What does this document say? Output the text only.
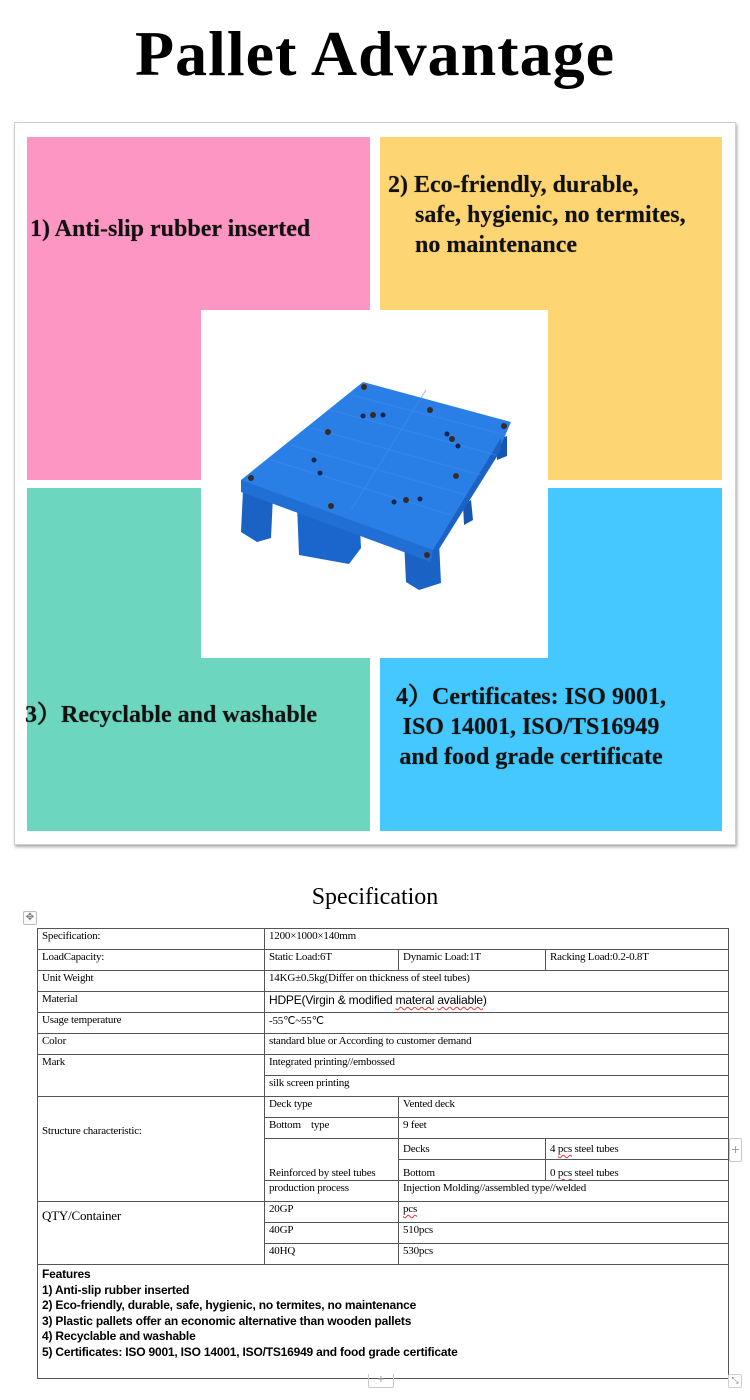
Pallet Advantage
1) Anti-slip rubber inserted
2) Eco-friendly, durable,
safe, hygienic, no termites,
no maintenance
3）Recyclable and washable
4）Certificates: ISO 9001,
ISO 14001, ISO/TS16949
and food grade certificate
Specification
✥
Specification:	1200×1000×140mm		
LoadCapacity:	Static Load:6T	Dynamic Load:1T	Racking Load:0.2-0.8T
Unit Weight	14KG±0.5kg(Differ on thickness of steel tubes)		
Material	HDPE(Virgin & modified materal avaliable)		
Usage temperature	-55℃~55℃		
Color	standard blue or According to customer demand		
Mark	Integrated printing//embossed		
	silk screen printing		
Structure characteristic:	Deck type	Vented deck	
	Bottom    type	9 feet	
	Reinforced by steel tubes	Decks	4 pcs steel tubes
		Bottom	0 pcs steel tubes
	production process	Injection Molding//assembled type//welded	
QTY/Container	20GP	pcs	
	40GP	510pcs	
	40HQ	530pcs	

Features
1) Anti-slip rubber inserted
2) Eco-friendly, durable, safe, hygienic, no termites, no maintenance
3) Plastic pallets offer an economic alternative than wooden pallets
4) Recyclable and washable
5) Certificates: ISO 9001, ISO 14001, ISO/TS16949 and food grade certificate
+
+	⤡
